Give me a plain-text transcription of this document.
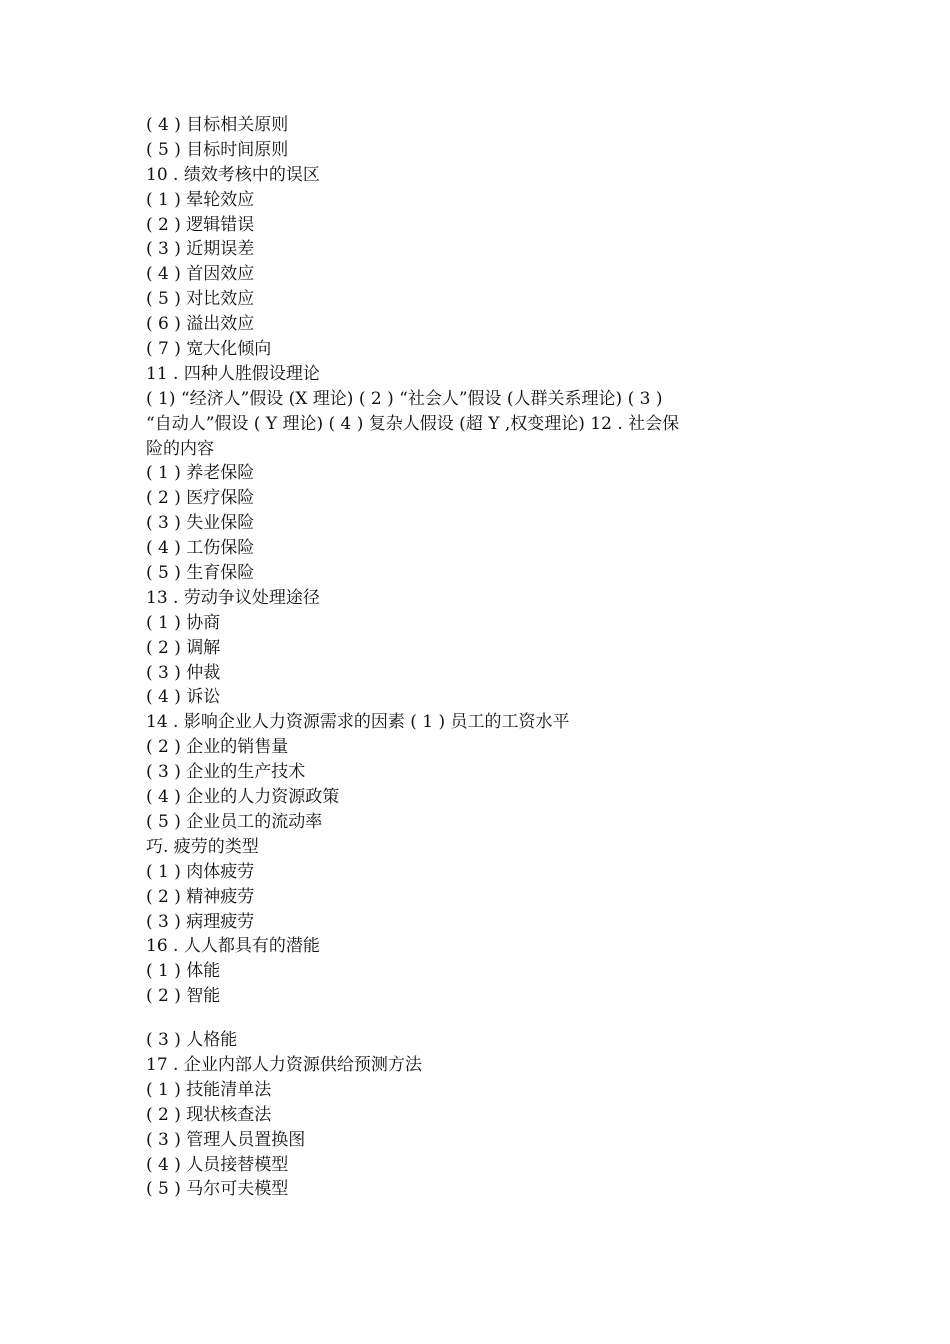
( 4 ) 目标相关原则
( 5 ) 目标时间原则
10 . 绩效考核中的误区
( 1 ) 晕轮效应
( 2 ) 逻辑错误
( 3 ) 近期误差
( 4 ) 首因效应
( 5 ) 对比效应
( 6 ) 溢出效应
( 7 ) 宽大化倾向
11 . 四种人胜假设理论
( 1) “经济人”假设 (X 理论) ( 2 ) “社会人”假设 (人群关系理论) ( 3 )
“自动人”假设 ( Y 理论) ( 4 ) 复杂人假设 (超 Y ,权变理论) 12 . 社会保
险的内容
( 1 ) 养老保险
( 2 ) 医疗保险
( 3 ) 失业保险
( 4 ) 工伤保险
( 5 ) 生育保险
13 . 劳动争议处理途径
( 1 ) 协商
( 2 ) 调解
( 3 ) 仲裁
( 4 ) 诉讼
14 . 影响企业人力资源需求的因素 ( 1 ) 员工的工资水平
( 2 ) 企业的销售量
( 3 ) 企业的生产技术
( 4 ) 企业的人力资源政策
( 5 ) 企业员工的流动率
巧. 疲劳的类型
( 1 ) 肉体疲劳
( 2 ) 精神疲劳
( 3 ) 病理疲劳
16 . 人人都具有的潜能
( 1 ) 体能
( 2 ) 智能
( 3 ) 人格能
17 . 企业内部人力资源供给预测方法
( 1 ) 技能清单法
( 2 ) 现状核查法
( 3 ) 管理人员置换图
( 4 ) 人员接替模型
( 5 ) 马尔可夫模型
